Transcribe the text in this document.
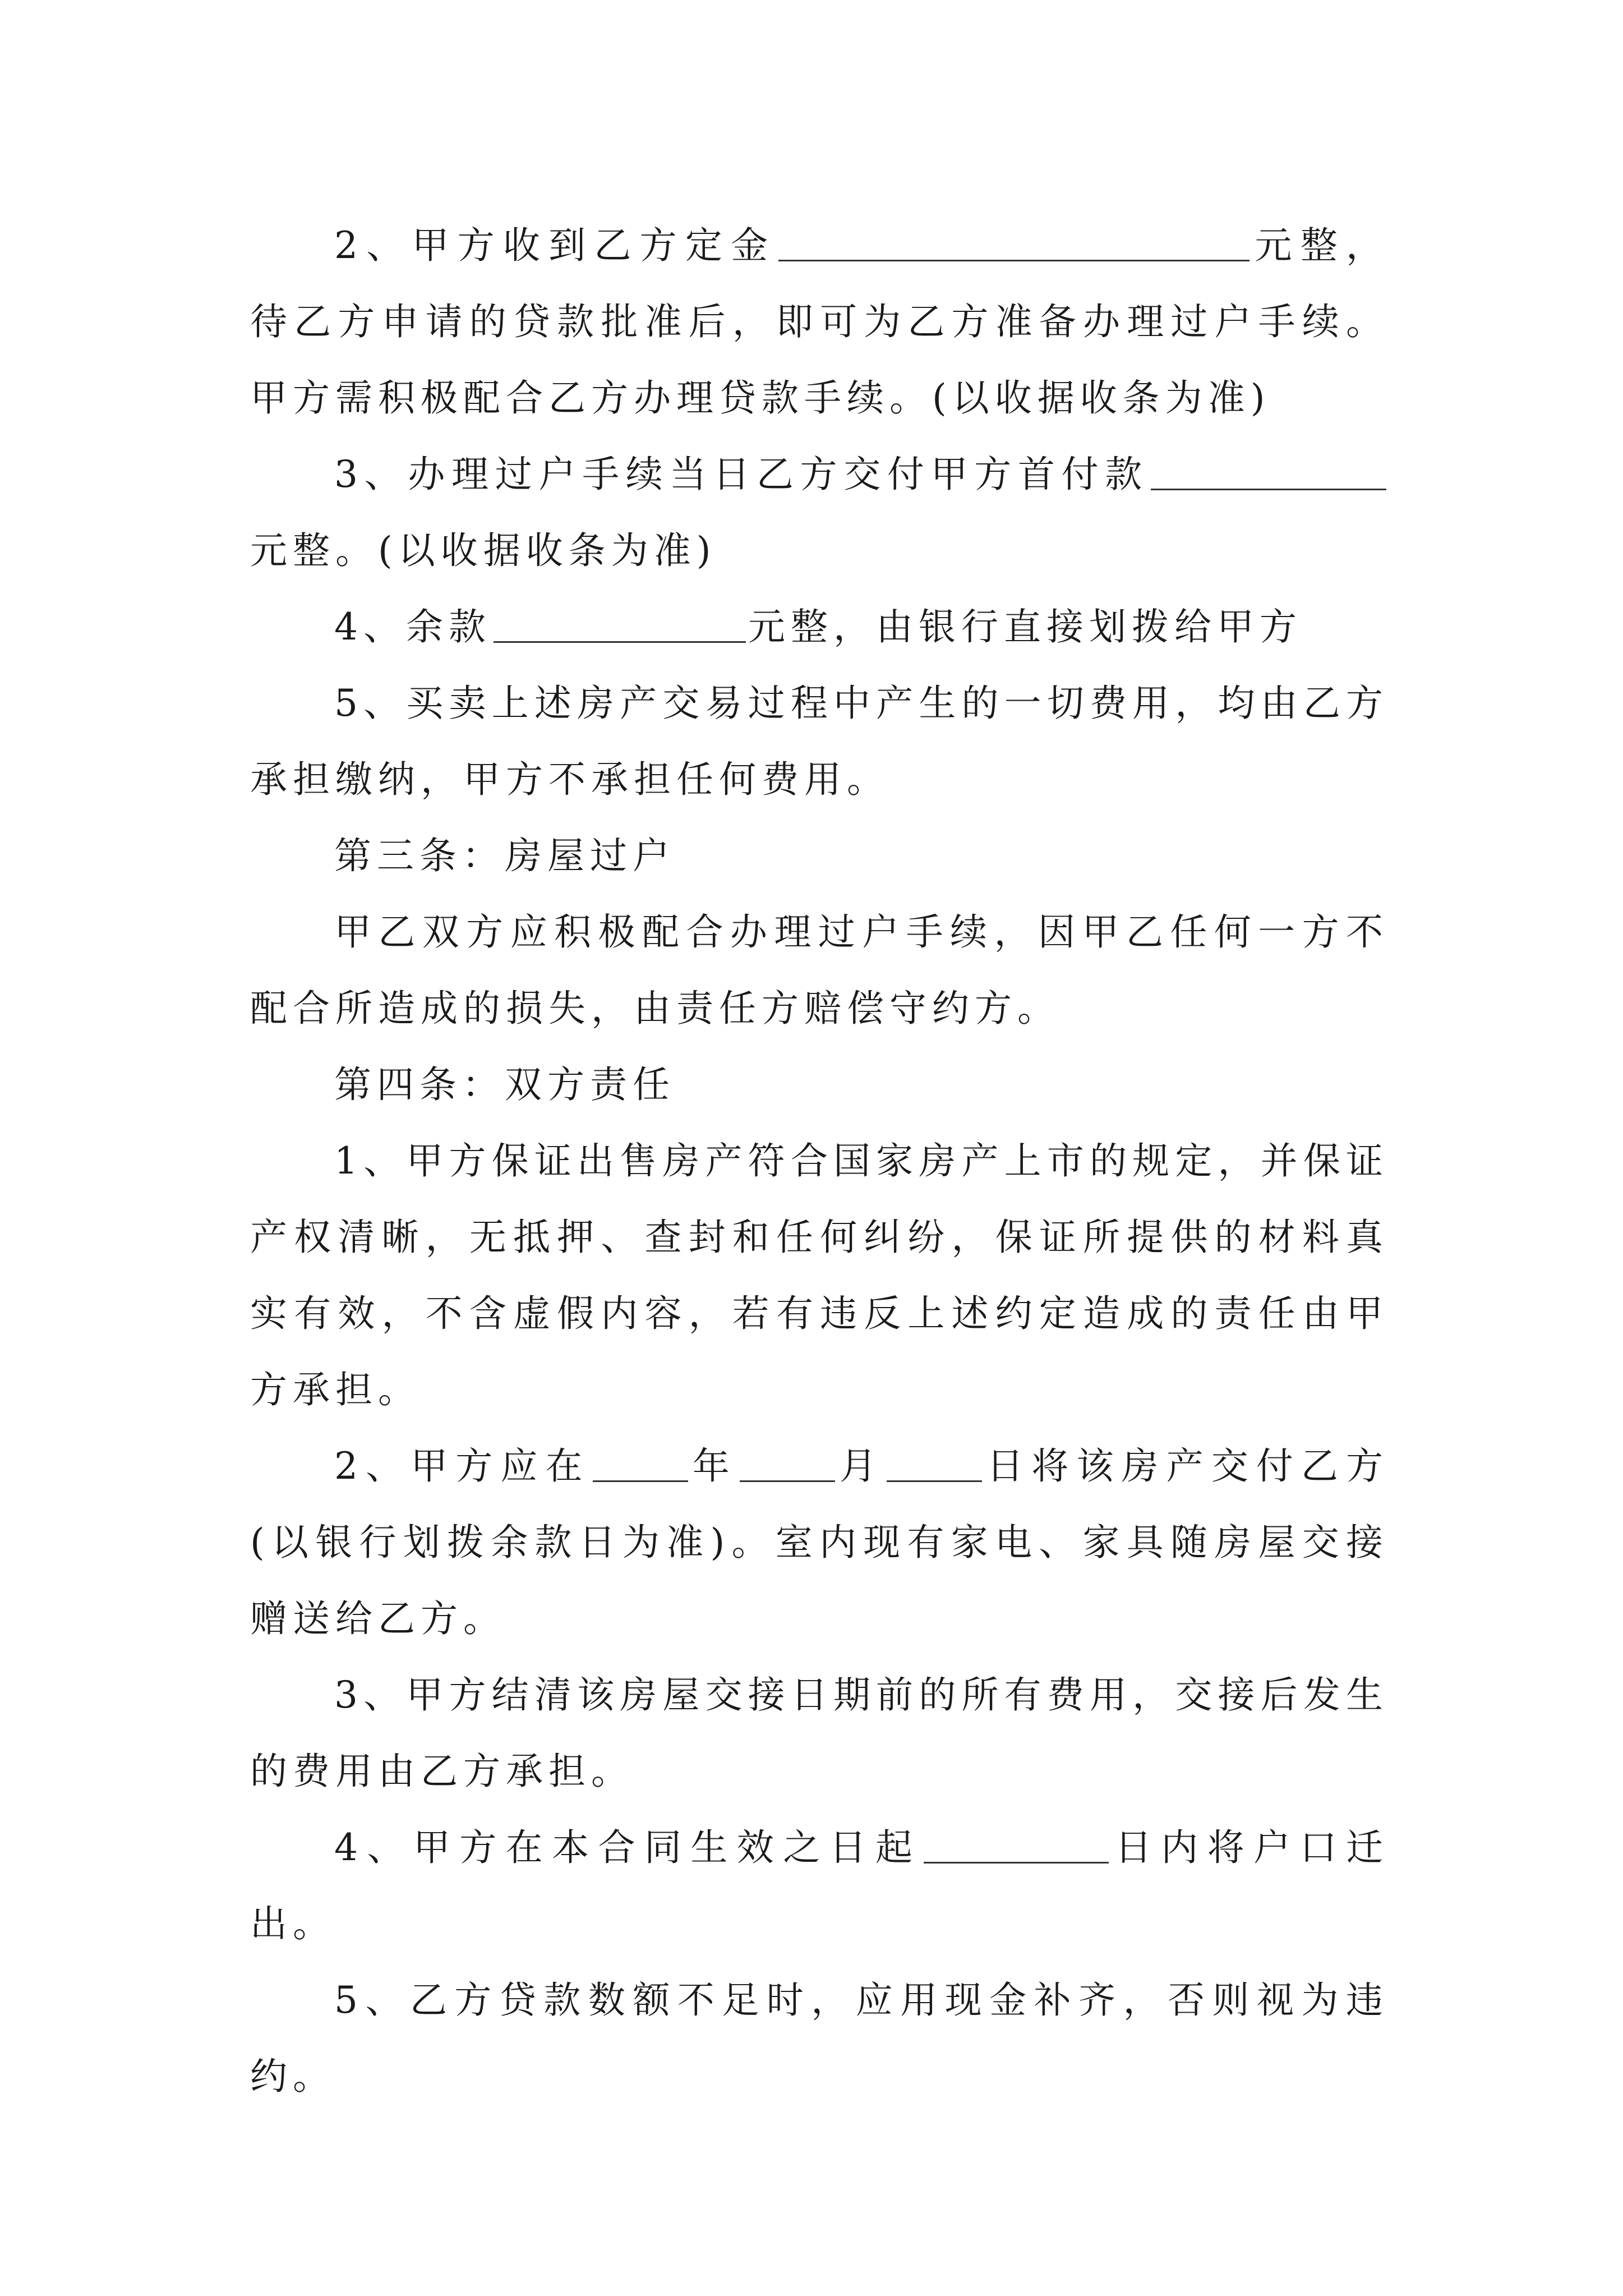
2、甲方收到乙方定金	元整，待乙方申请的贷款批准后，即可为乙方准备办理过户手续。甲方需积极配合乙方办理贷款手续。(以收据收条为准)

3、办理过户手续当日乙方交付甲方首付款元整。(以收据收条为准)

4、余款	元整，由银行直接划拨给甲方

5、买卖上述房产交易过程中产生的一切费用，均由乙方承担缴纳，甲方不承担任何费用。

第三条：房屋过户

甲乙双方应积极配合办理过户手续，因甲乙任何一方不配合所造成的损失，由责任方赔偿守约方。

第四条：双方责任

1、甲方保证出售房产符合国家房产上市的规定，并保证产权清晰，无抵押、查封和任何纠纷，保证所提供的材料真实有效，不含虚假内容，若有违反上述约定造成的责任由甲方承担。

2、甲方应在	年	月	日将该房产交付乙方(以银行划拨余款日为准)。室内现有家电、家具随房屋交接赠送给乙方。

3、甲方结清该房屋交接日期前的所有费用，交接后发生的费用由乙方承担。

4、甲方在本合同生效之日起	日内将户口迁出。

5、乙方贷款数额不足时，应用现金补齐，否则视为违约。
